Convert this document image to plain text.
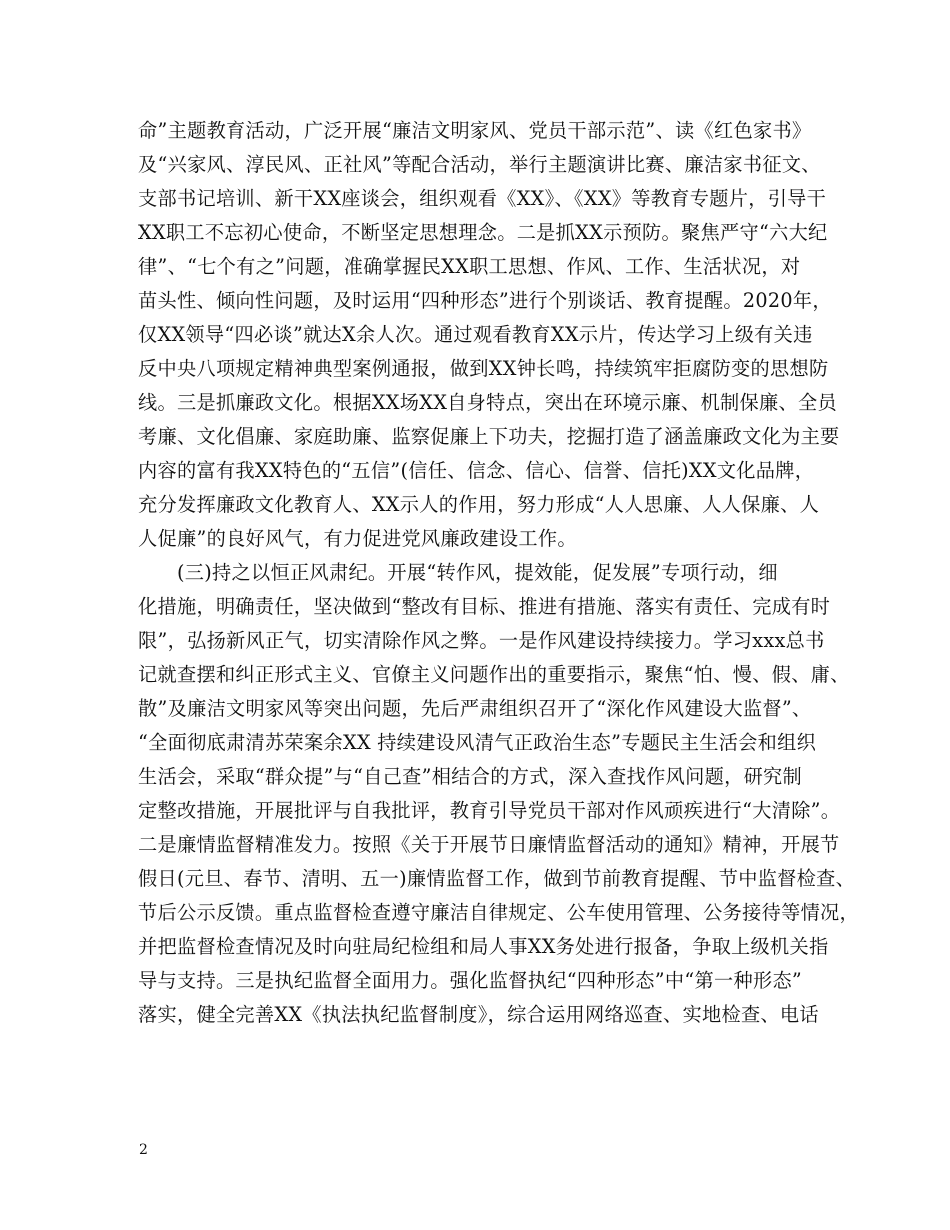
命”主题教育活动，广泛开展“廉洁文明家风、党员干部示范”、读《红色家书》
及“兴家风、淳民风、正社风”等配合活动，举行主题演讲比赛、廉洁家书征文、
支部书记培训、新干XX座谈会，组织观看《XX》、《XX》等教育专题片，引导干
XX职工不忘初心使命，不断坚定思想理念。二是抓XX示预防。聚焦严守“六大纪
律”、“七个有之”问题，准确掌握民XX职工思想、作风、工作、生活状况，对
苗头性、倾向性问题，及时运用“四种形态”进行个别谈话、教育提醒。2020年，
仅XX领导“四必谈”就达X余人次。通过观看教育XX示片，传达学习上级有关违
反中央八项规定精神典型案例通报，做到XX钟长鸣，持续筑牢拒腐防变的思想防
线。三是抓廉政文化。根据XX场XX自身特点，突出在环境示廉、机制保廉、全员
考廉、文化倡廉、家庭助廉、监察促廉上下功夫，挖掘打造了涵盖廉政文化为主要
内容的富有我XX特色的“五信”(信任、信念、信心、信誉、信托)XX文化品牌，
充分发挥廉政文化教育人、XX示人的作用，努力形成“人人思廉、人人保廉、人
人促廉”的良好风气，有力促进党风廉政建设工作。
　　(三)持之以恒正风肃纪。开展“转作风，提效能，促发展”专项行动，细
化措施，明确责任，坚决做到“整改有目标、推进有措施、落实有责任、完成有时
限”，弘扬新风正气，切实清除作风之弊。一是作风建设持续接力。学习xxx总书
记就查摆和纠正形式主义、官僚主义问题作出的重要指示，聚焦“怕、慢、假、庸、
散”及廉洁文明家风等突出问题，先后严肃组织召开了“深化作风建设大监督”、
“全面彻底肃清苏荣案余XX 持续建设风清气正政治生态”专题民主生活会和组织
生活会，采取“群众提”与“自己查”相结合的方式，深入查找作风问题，研究制
定整改措施，开展批评与自我批评，教育引导党员干部对作风顽疾进行“大清除”。
二是廉情监督精准发力。按照《关于开展节日廉情监督活动的通知》精神，开展节
假日(元旦、春节、清明、五一)廉情监督工作，做到节前教育提醒、节中监督检查、
节后公示反馈。重点监督检查遵守廉洁自律规定、公车使用管理、公务接待等情况，
并把监督检查情况及时向驻局纪检组和局人事XX务处进行报备，争取上级机关指
导与支持。三是执纪监督全面用力。强化监督执纪“四种形态”中“第一种形态”
落实，健全完善XX《执法执纪监督制度》，综合运用网络巡查、实地检查、电话
2
